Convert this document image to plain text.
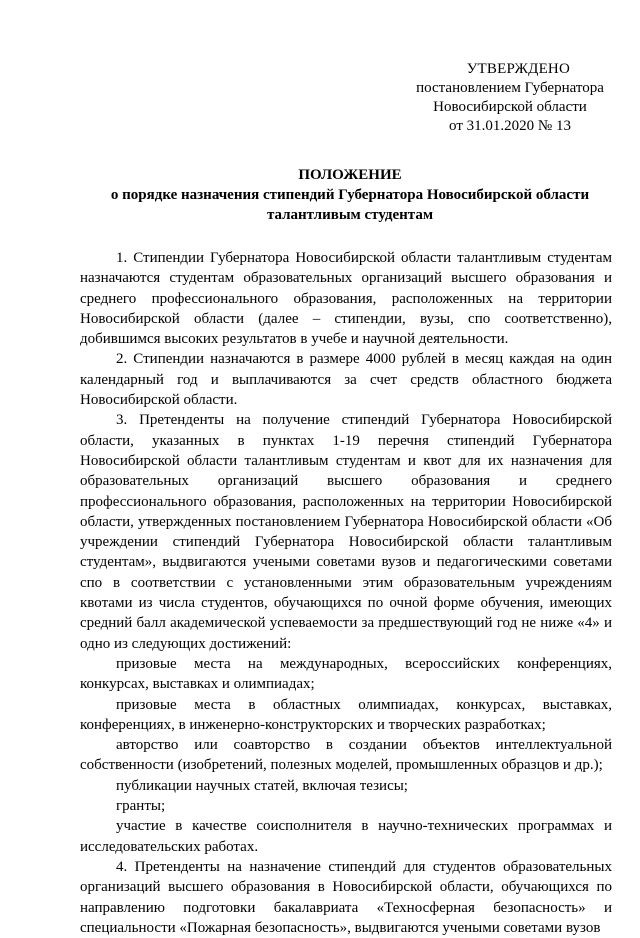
УТВЕРЖДЕНО
постановлением Губернатора
Новосибирской области
от 31.01.2020 № 13
ПОЛОЖЕНИЕ
о порядке назначения стипендий Губернатора Новосибирской области
талантливым студентам

1. Стипендии Губернатора Новосибирской области талантливым студентам назначаются студентам образовательных организаций высшего образования и среднего профессионального образования, расположенных на территории Новосибирской области (далее – стипендии, вузы, спо соответственно), добившимся высоких результатов в учебе и научной деятельности.

2. Стипендии назначаются в размере 4000 рублей в месяц каждая на один календарный год и выплачиваются за счет средств областного бюджета Новосибирской области.

3. Претенденты на получение стипендий Губернатора Новосибирской области, указанных в пунктах 1-19 перечня стипендий Губернатора Новосибирской области талантливым студентам и квот для их назначения для образовательных организаций высшего образования и среднего профессионального образования, расположенных на территории Новосибирской области, утвержденных постановлением Губернатора Новосибирской области «Об учреждении стипендий Губернатора Новосибирской области талантливым студентам», выдвигаются учеными советами вузов и педагогическими советами спо в соответствии с установленными этим образовательным учреждениям квотами из числа студентов, обучающихся по очной форме обучения, имеющих средний балл академической успеваемости за предшествующий год не ниже «4» и одно из следующих достижений:

призовые места на международных, всероссийских конференциях, конкурсах, выставках и олимпиадах;

призовые места в областных олимпиадах, конкурсах, выставках, конференциях, в инженерно-конструкторских и творческих разработках;

авторство или соавторство в создании объектов интеллектуальной собственности (изобретений, полезных моделей, промышленных образцов и др.);

публикации научных статей, включая тезисы;

гранты;

участие в качестве соисполнителя в научно-технических программах и исследовательских работах.

4. Претенденты на назначение стипендий для студентов образовательных организаций высшего образования в Новосибирской области, обучающихся по направлению подготовки бакалавриата «Техносферная безопасность» и специальности «Пожарная безопасность», выдвигаются учеными советами вузов
